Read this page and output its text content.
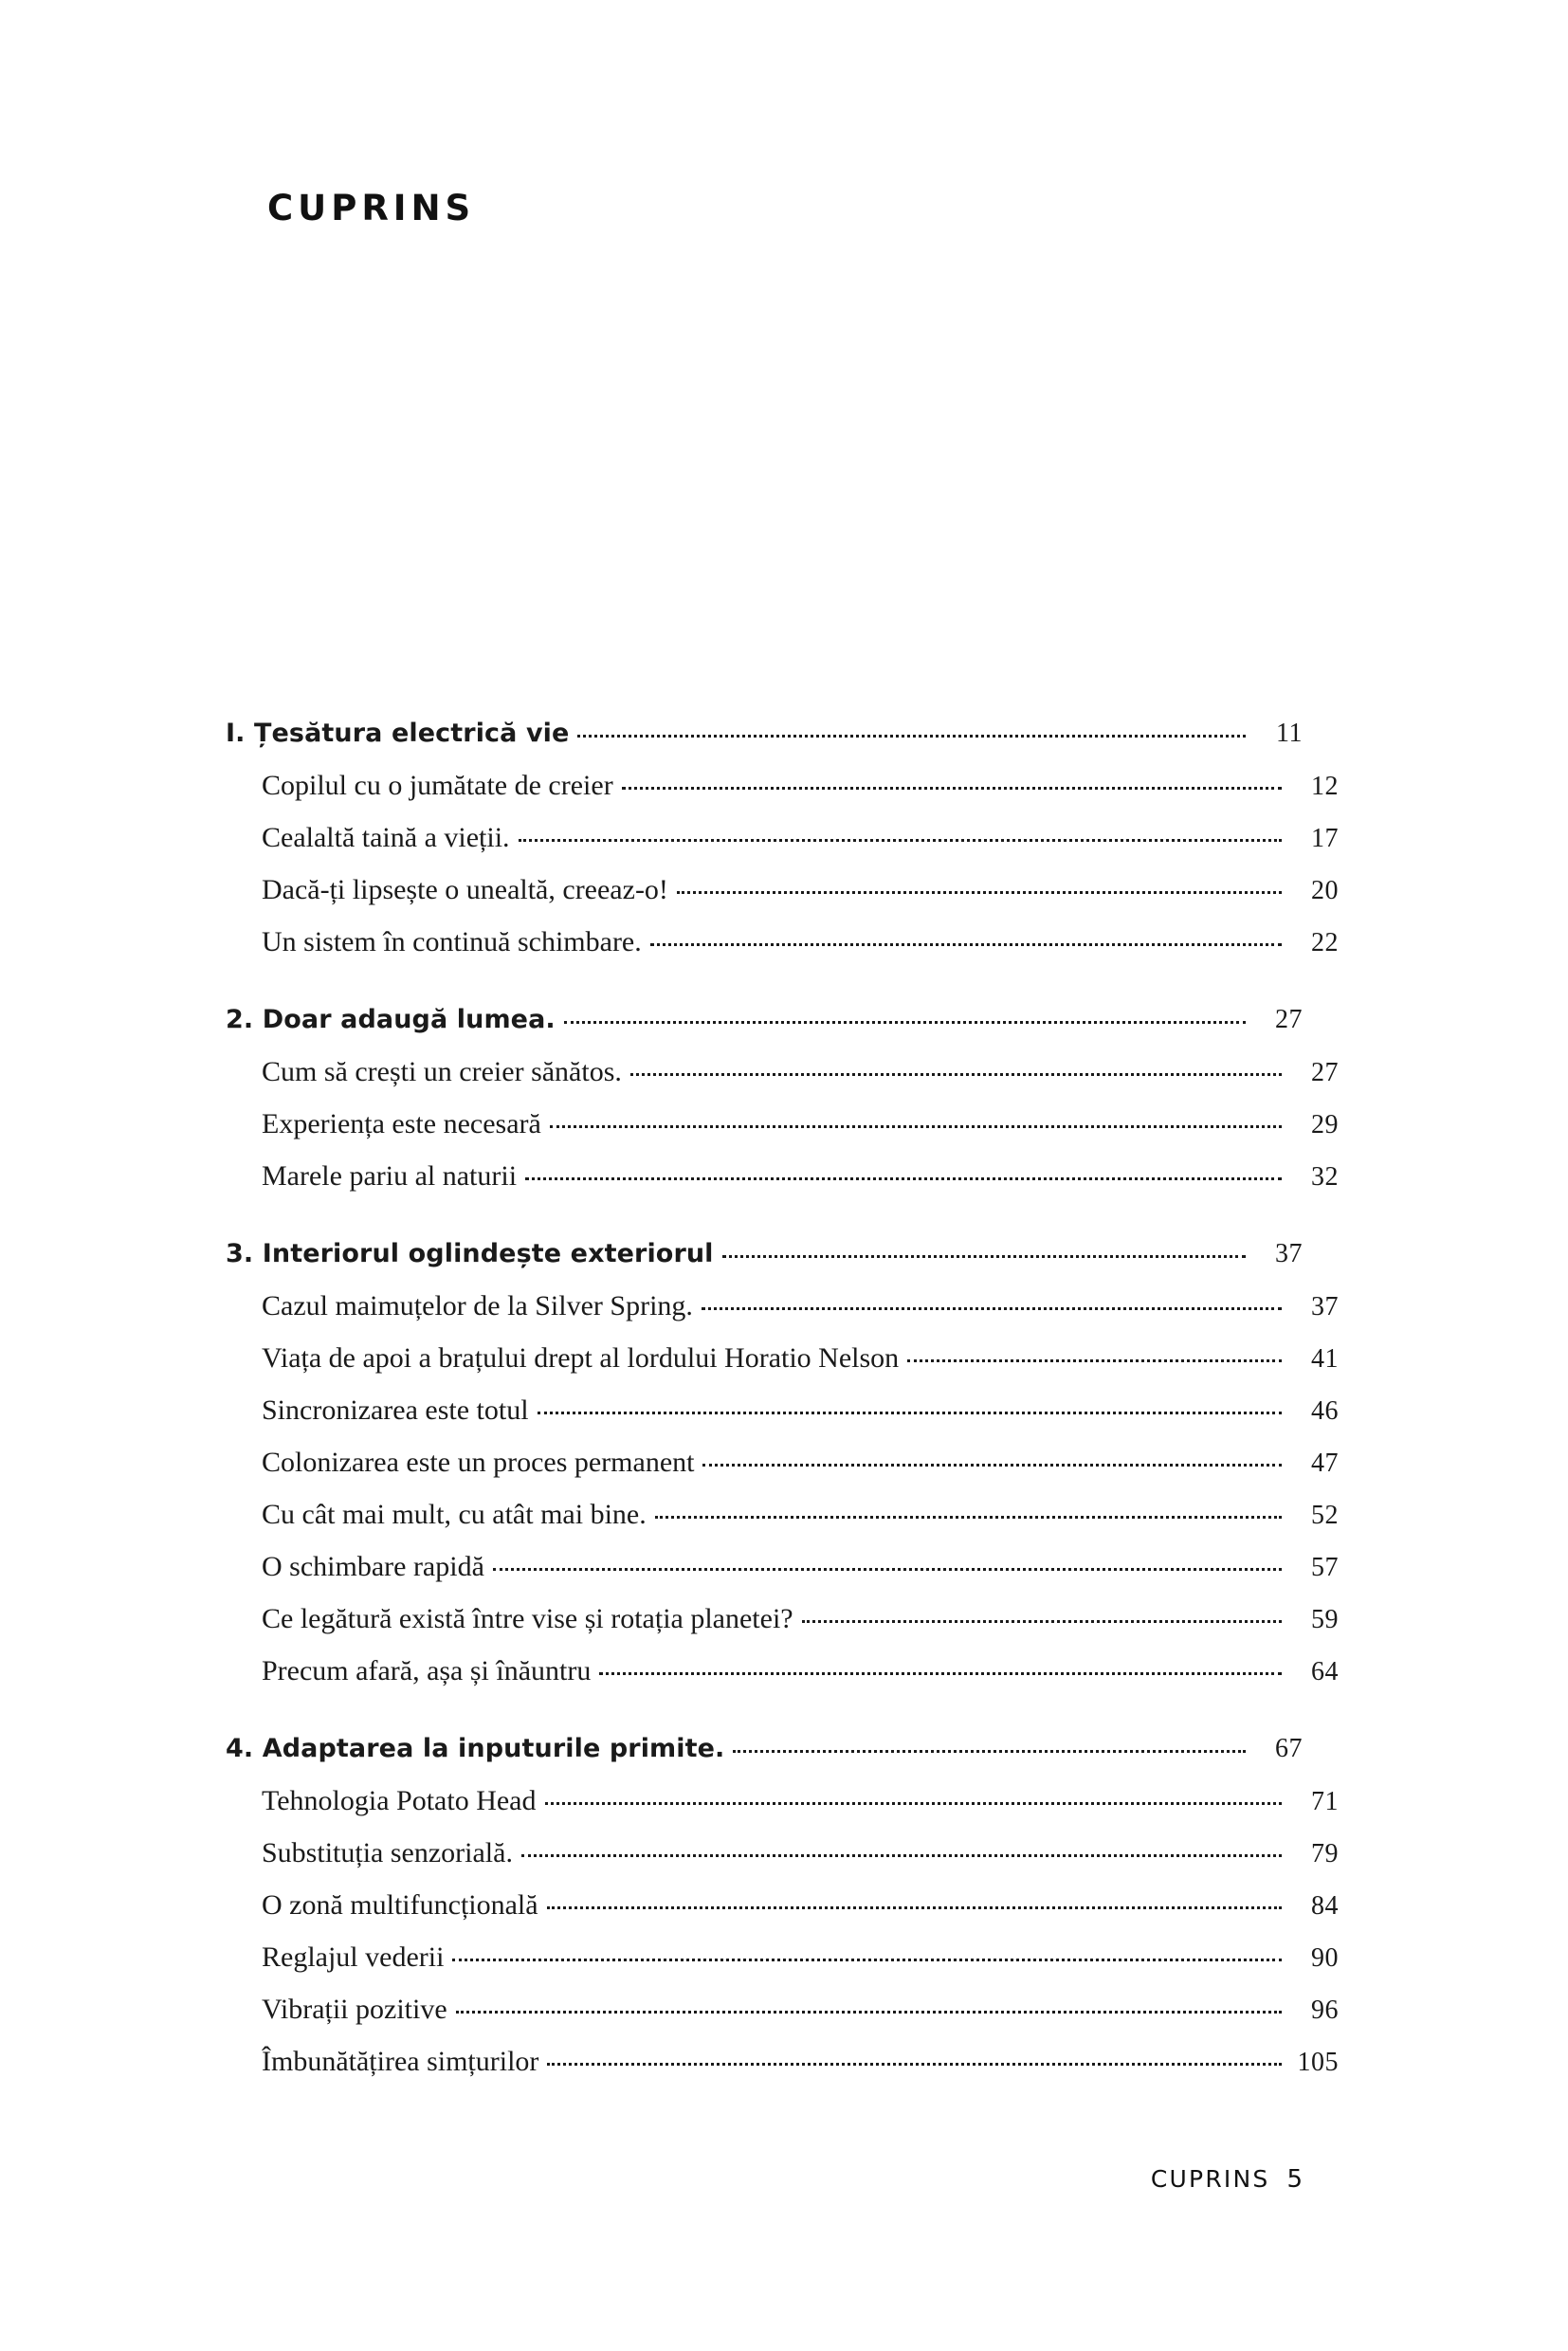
CUPRINS
I. Țesătura electrică vie	11
Copilul cu o jumătate de creier	12
Cealaltă taină a vieții.	17
Dacă-ți lipsește o unealtă, creeaz-o!	20
Un sistem în continuă schimbare.	22
2. Doar adaugă lumea.	27
Cum să crești un creier sănătos.	27
Experiența este necesară	29
Marele pariu al naturii	32
3. Interiorul oglindește exteriorul	37
Cazul maimuțelor de la Silver Spring.	37
Viața de apoi a brațului drept al lordului Horatio Nelson	41
Sincronizarea este totul	46
Colonizarea este un proces permanent	47
Cu cât mai mult, cu atât mai bine.	52
O schimbare rapidă	57
Ce legătură există între vise și rotația planetei?	59
Precum afară, așa și înăuntru	64
4. Adaptarea la inputurile primite.	67
Tehnologia Potato Head	71
Substituția senzorială.	79
O zonă multifuncțională	84
Reglajul vederii	90
Vibrații pozitive	96
Îmbunătățirea simțurilor	105
CUPRINS 5
